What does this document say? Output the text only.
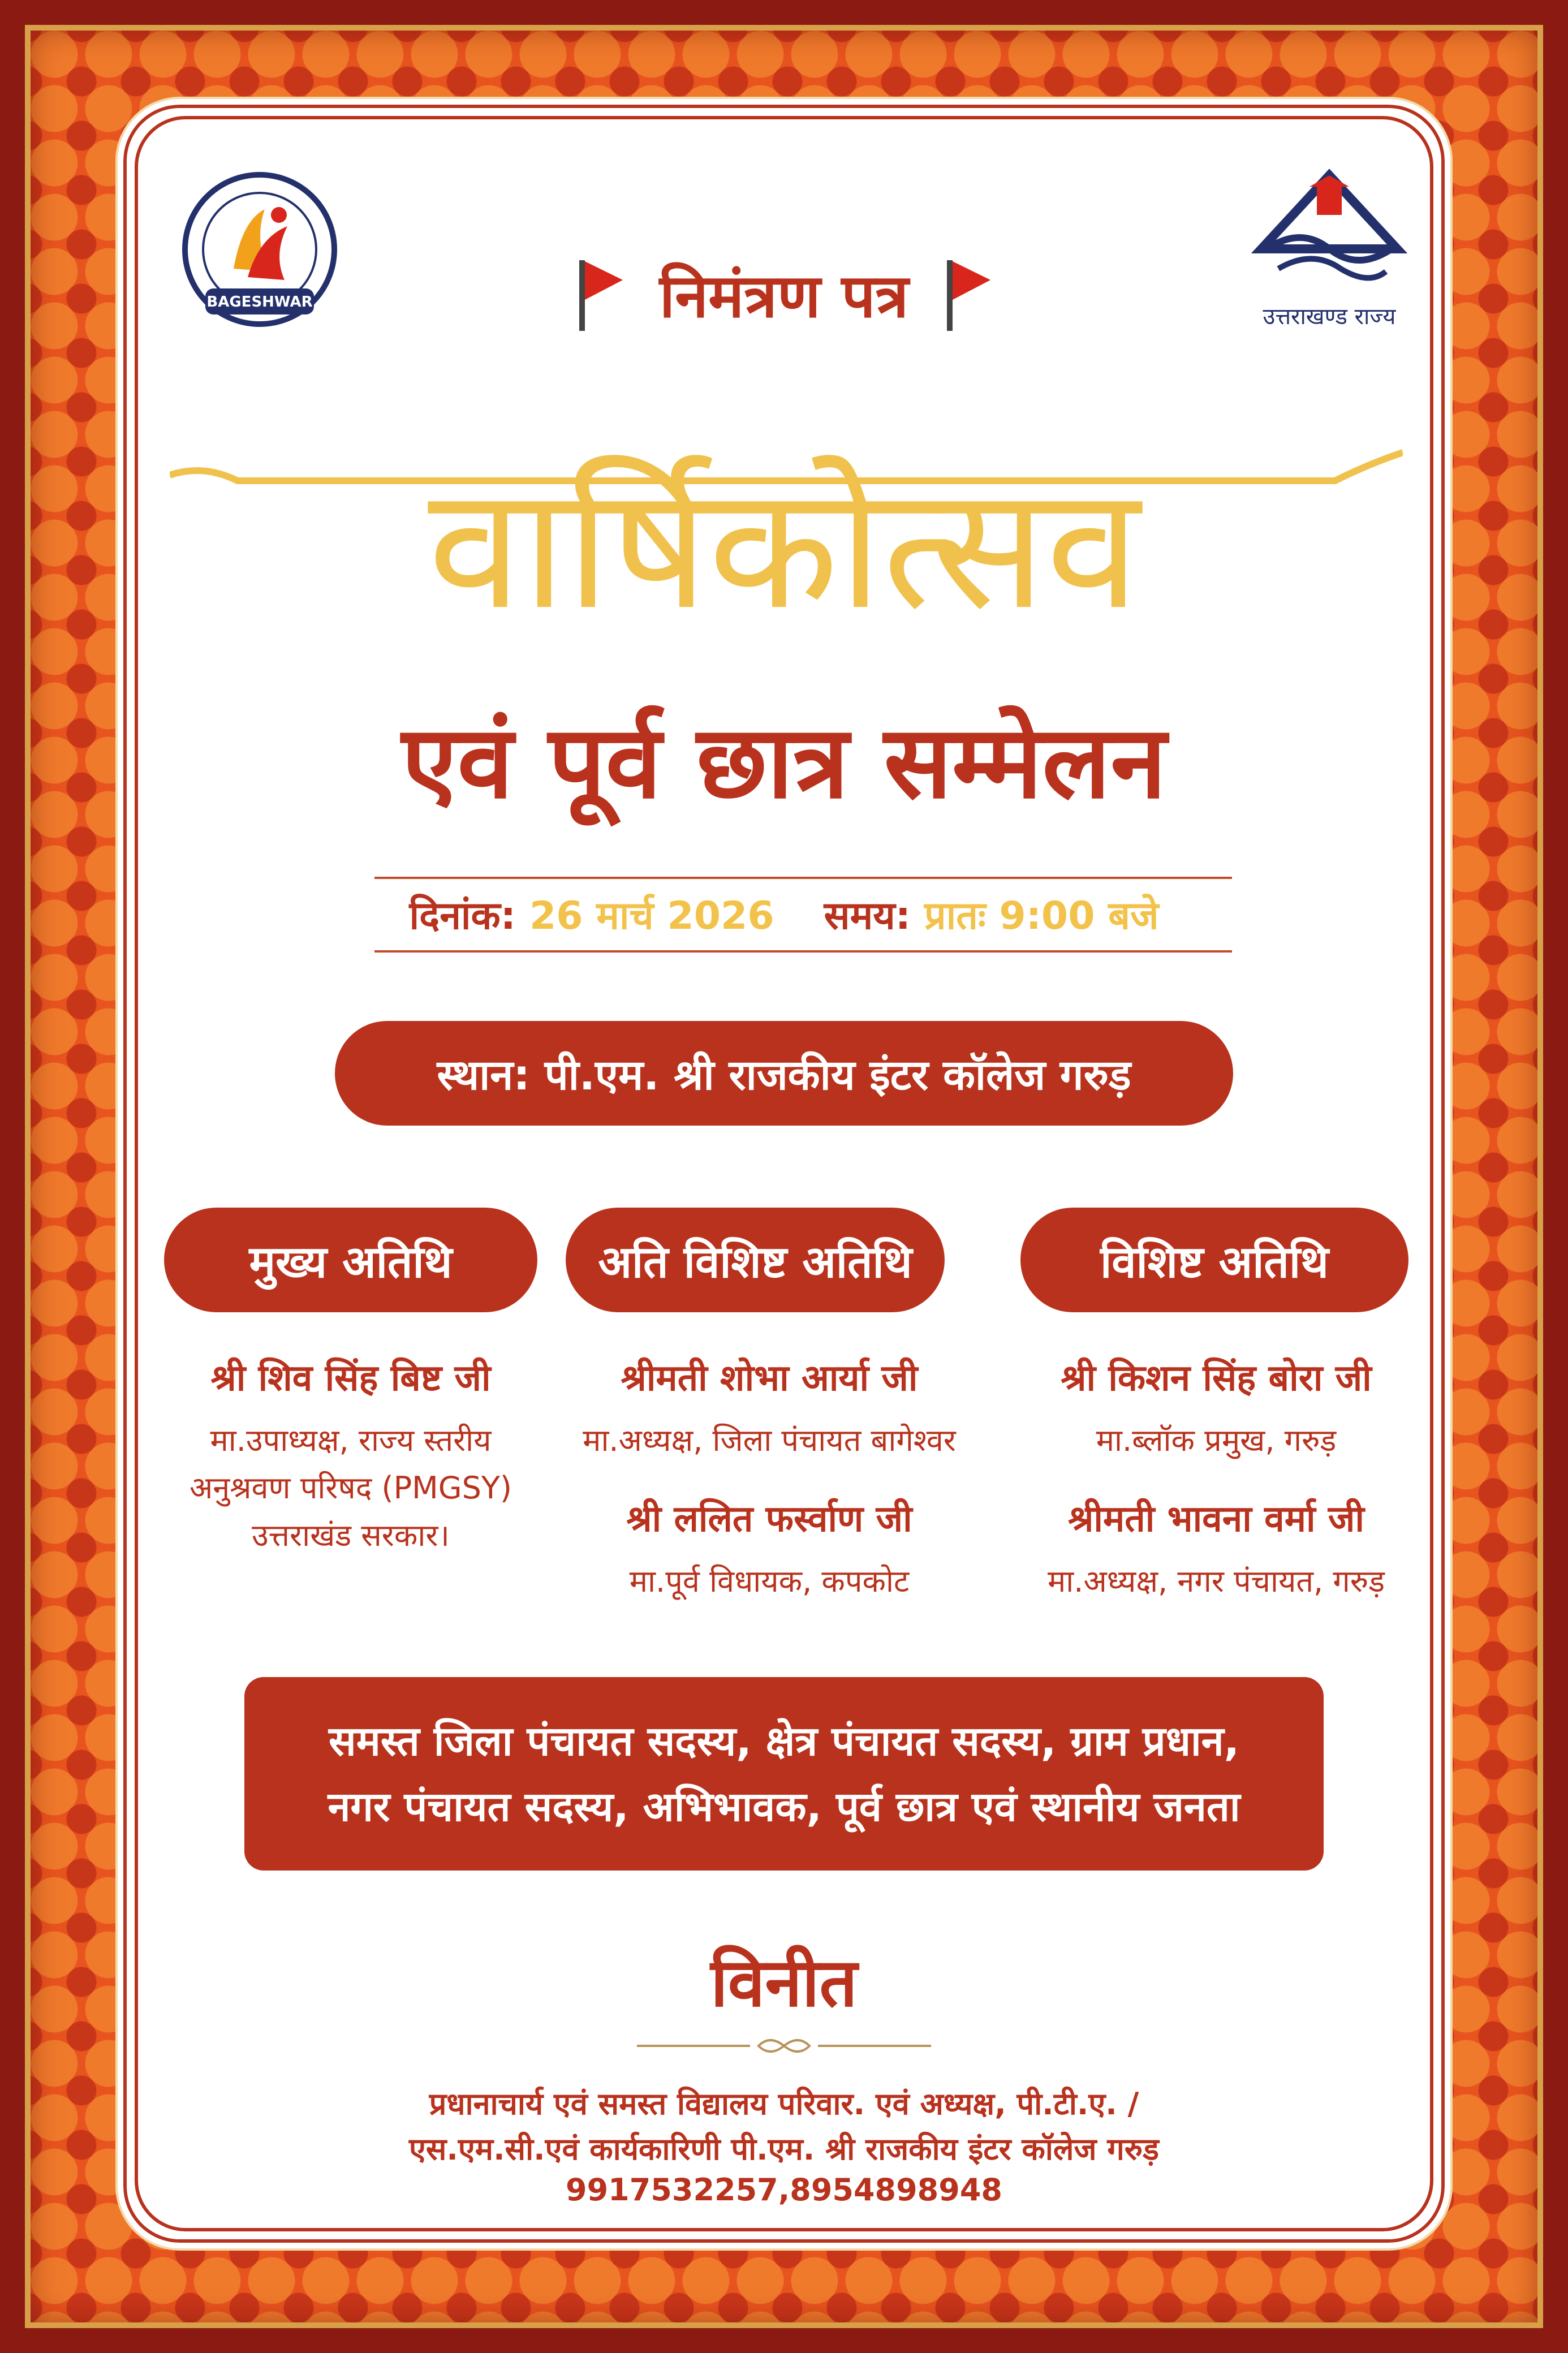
BAGESHWAR
उत्तराखण्ड राज्य
निमंत्रण पत्र
वार्षिकोत्सव
एवं पूर्व छात्र सम्मेलन
दिनांक: 26 मार्च 2026 समय: प्रातः 9:00 बजे
स्थान: पी.एम. श्री राजकीय इंटर कॉलेज गरुड़
मुख्य अतिथि	अति विशिष्ट अतिथि	विशिष्ट अतिथि
श्री शिव सिंह बिष्ट जी
मा.उपाध्यक्ष, राज्य स्तरीय
अनुश्रवण परिषद (PMGSY)
उत्तराखंड सरकार।
श्रीमती शोभा आर्या जी
मा.अध्यक्ष, जिला पंचायत बागेश्वर
श्री ललित फर्स्वाण जी
मा.पूर्व विधायक, कपकोट
श्री किशन सिंह बोरा जी
मा.ब्लॉक प्रमुख, गरुड़
श्रीमती भावना वर्मा जी
मा.अध्यक्ष, नगर पंचायत, गरुड़
समस्त जिला पंचायत सदस्य, क्षेत्र पंचायत सदस्य, ग्राम प्रधान,
नगर पंचायत सदस्य, अभिभावक, पूर्व छात्र एवं स्थानीय जनता
विनीत
प्रधानाचार्य एवं समस्त विद्यालय परिवार. एवं अध्यक्ष, पी.टी.ए. /
एस.एम.सी.एवं कार्यकारिणी पी.एम. श्री राजकीय इंटर कॉलेज गरुड़
9917532257,8954898948
